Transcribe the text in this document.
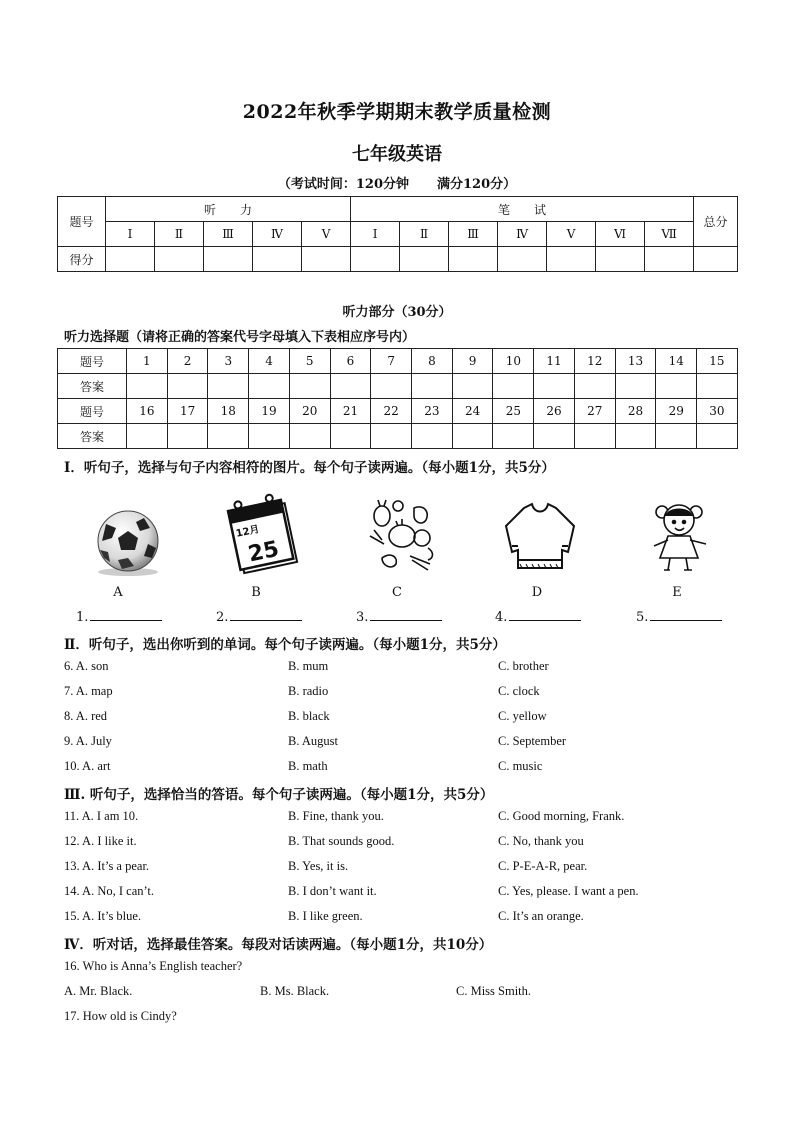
2022年秋季学期期末教学质量检测
七年级英语
（考试时间：120分钟 满分120分）
题号	听力					笔试							总分
	Ⅰ	Ⅱ	Ⅲ	Ⅳ	Ⅴ	Ⅰ	Ⅱ	Ⅲ	Ⅳ	Ⅴ	Ⅵ	Ⅶ	
得分													
听力部分（30分）
听力选择题（请将正确的答案代号字母填入下表相应序号内）
题号	1	2	3	4	5	6	7	8	9	10	11	12	13	14	15
答案															
题号	16	17	18	19	20	21	22	23	24	25	26	27	28	29	30
答案															
Ⅰ．听句子，选择与句子内容相符的图片。每个句子读两遍。（每小题1分，共5分）
12月
25
A	B	C	D	E
1.	2.	3.	4.	5.
Ⅱ．听句子，选出你听到的单词。每个句子读两遍。（每小题1分，共5分）
6. A. son	B. mum	C. brother
7. A. map	B. radio	C. clock
8. A. red	B. black	C. yellow
9. A. July	B. August	C. September
10. A. art	B. math	C. music
Ⅲ. 听句子，选择恰当的答语。每个句子读两遍。（每小题1分，共5分）
11. A. I am 10.	B. Fine, thank you.	C. Good morning, Frank.
12. A. I like it.	B. That sounds good.	C. No, thank you
13. A. It’s a pear.	B. Yes, it is.	C. P-E-A-R, pear.
14. A. No, I can’t.	B. I don’t want it.	C. Yes, please. I want a pen.
15. A. It’s blue.	B. I like green.	C. It’s an orange.
Ⅳ．听对话，选择最佳答案。每段对话读两遍。（每小题1分，共10分）
16. Who is Anna’s English teacher?
A. Mr. Black.	B. Ms. Black.	C. Miss Smith.
17. How old is Cindy?
